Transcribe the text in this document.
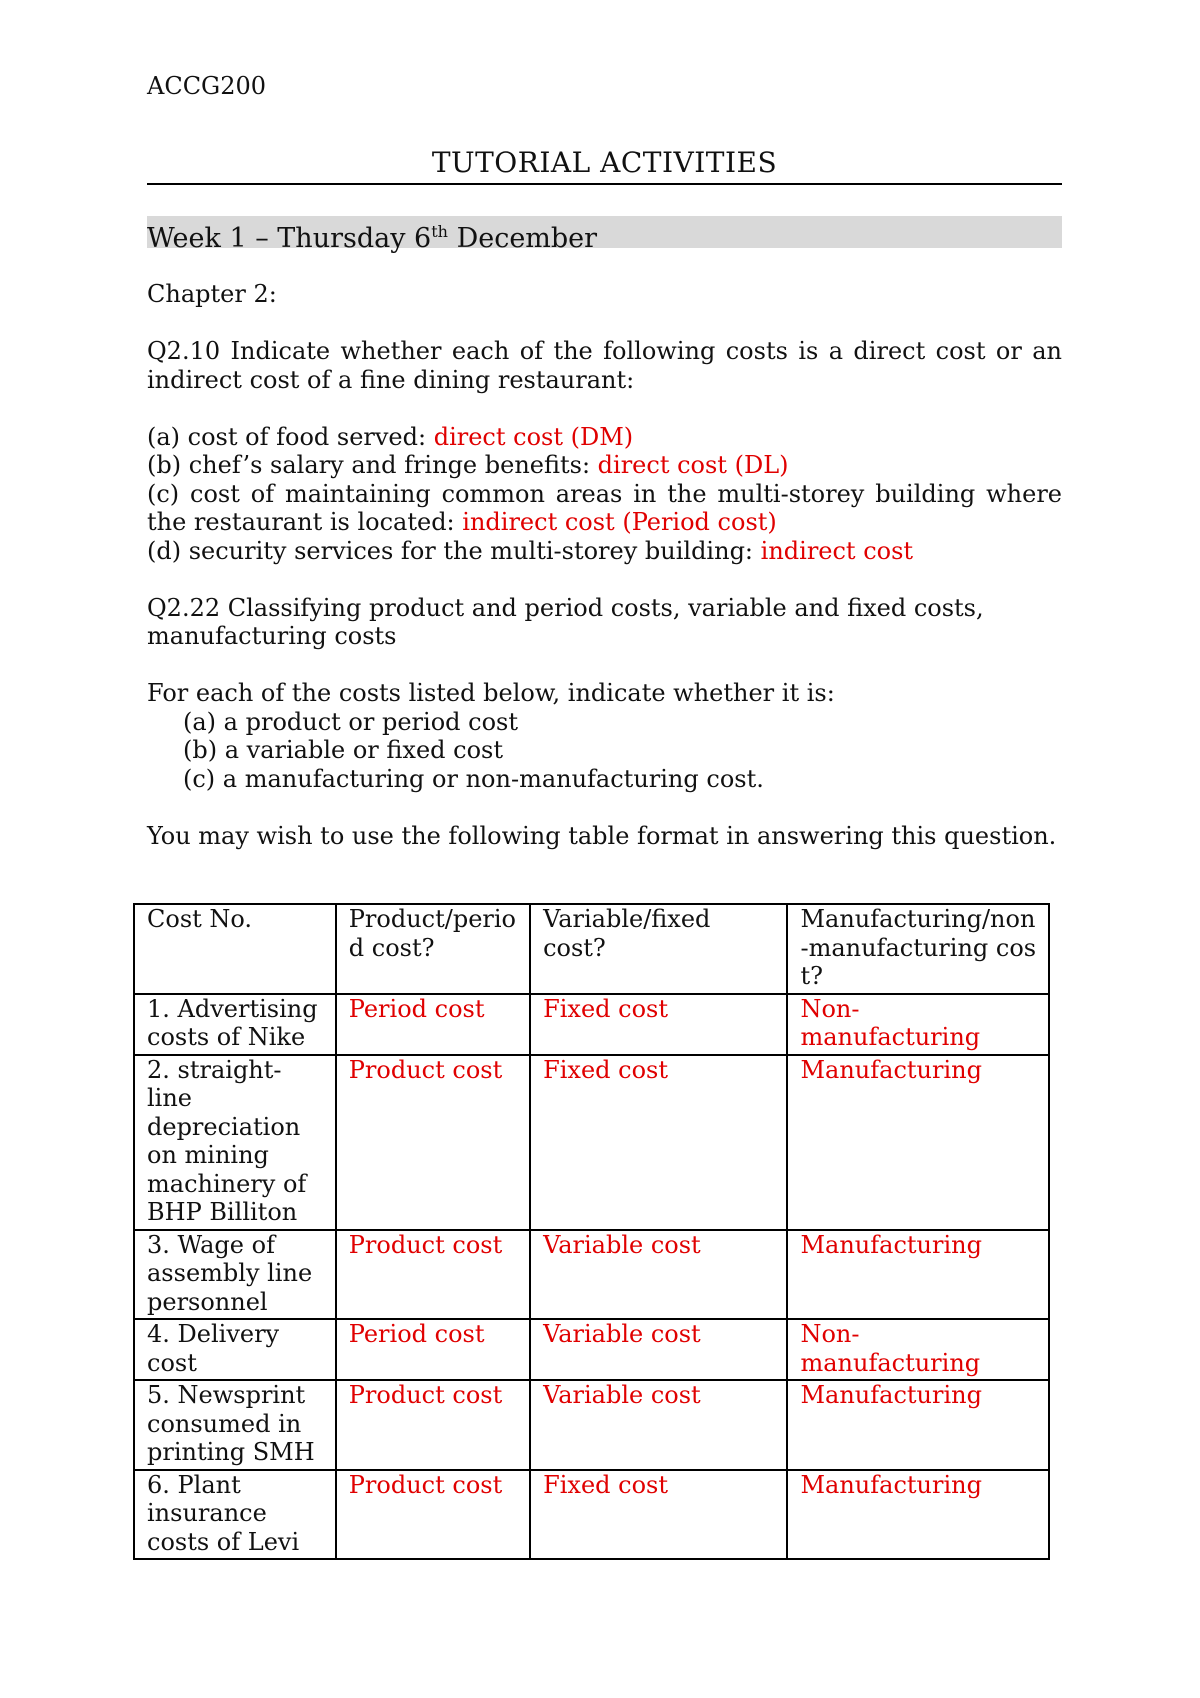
ACCG200
TUTORIAL ACTIVITIES
Week 1 – Thursday 6th December

Chapter 2:

Q2.10 Indicate whether each of the following costs is a direct cost or an indirect cost of a fine dining restaurant:

(a) cost of food served: direct cost (DM)

(b) chef’s salary and fringe benefits: direct cost (DL)

(c) cost of maintaining common areas in the multi-storey building where the restaurant is located: indirect cost (Period cost)

(d) security services for the multi-storey building: indirect cost

Q2.22 Classifying product and period costs, variable and fixed costs, manufacturing costs

For each of the costs listed below, indicate whether it is:

(a) a product or period cost

(b) a variable or fixed cost

(c) a manufacturing or non-manufacturing cost.

You may wish to use the following table format in answering this question.

Cost No.	Product/period cost?	Variable/fixed cost?	Manufacturing/non-manufacturing cost?
1. Advertising costs of Nike	Period cost	Fixed cost	Non-manufacturing
2. straight-line depreciation on mining machinery of BHP Billiton	Product cost	Fixed cost	Manufacturing
3. Wage of assembly line personnel	Product cost	Variable cost	Manufacturing
4. Delivery cost	Period cost	Variable cost	Non-manufacturing
5. Newsprint consumed in printing SMH	Product cost	Variable cost	Manufacturing
6. Plant insurance costs of Levi	Product cost	Fixed cost	Manufacturing
